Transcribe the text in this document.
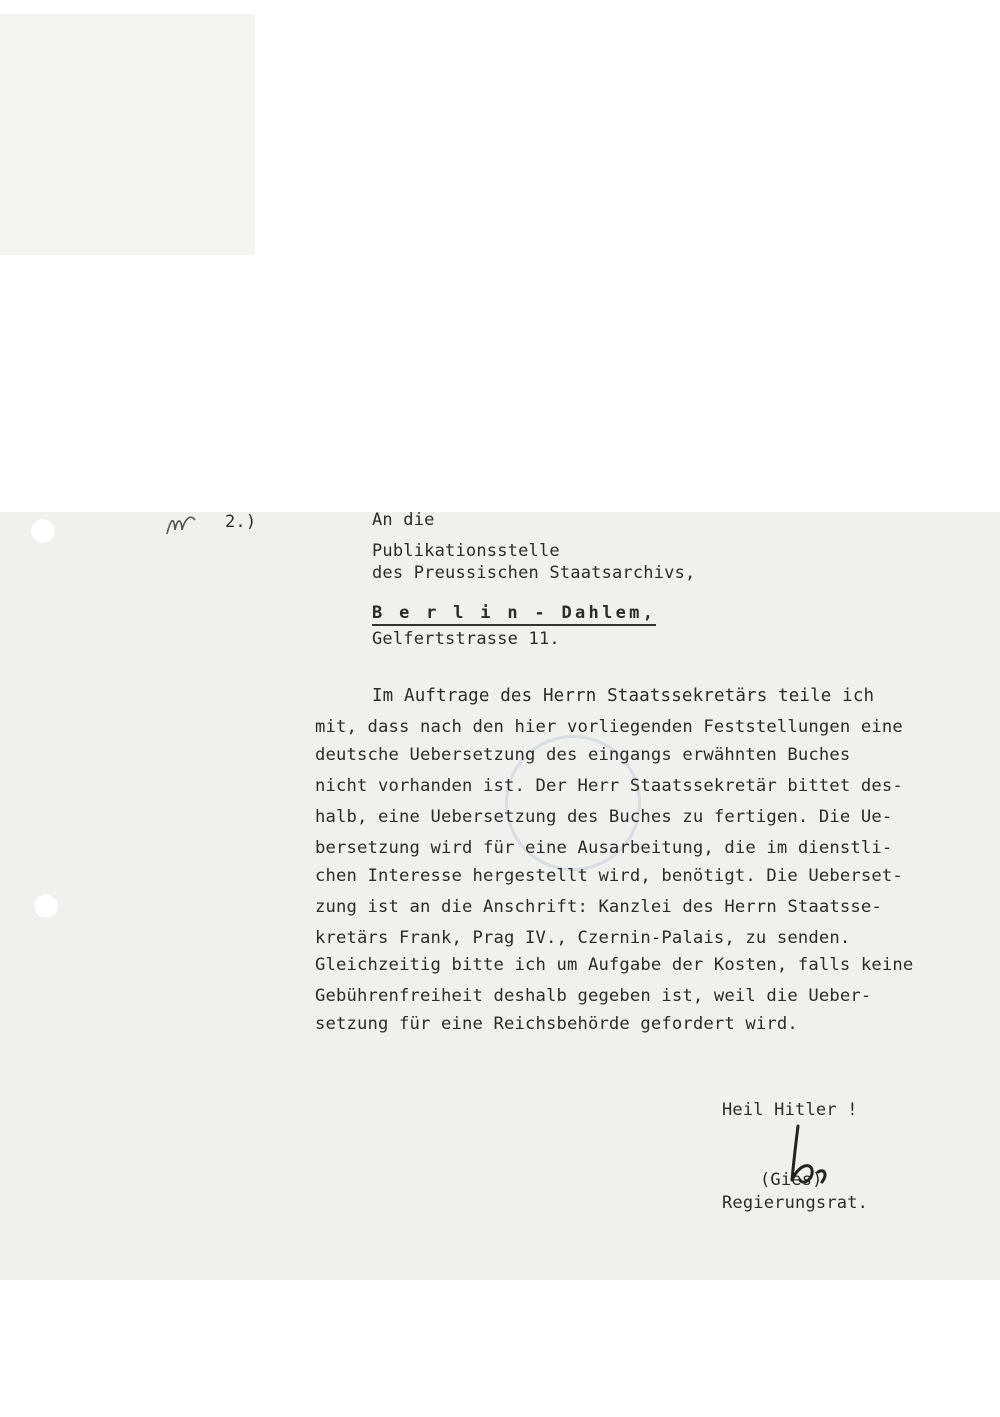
2.)	An die
Publikationsstelle
des Preussischen Staatsarchivs,
B e r l i n - Dahlem,
Gelfertstrasse 11.
Im Auftrage des Herrn Staatssekretärs teile ich
mit, dass nach den hier vorliegenden Feststellungen eine
deutsche Uebersetzung des eingangs erwähnten Buches
nicht vorhanden ist. Der Herr Staatssekretär bittet des-
halb, eine Uebersetzung des Buches zu fertigen. Die Ue-
bersetzung wird für eine Ausarbeitung, die im dienstli-
chen Interesse hergestellt wird, benötigt. Die Ueberset-
zung ist an die Anschrift: Kanzlei des Herrn Staatsse-
kretärs Frank, Prag IV., Czernin-Palais, zu senden.
Gleichzeitig bitte ich um Aufgabe der Kosten, falls keine
Gebührenfreiheit deshalb gegeben ist, weil die Ueber-
setzung für eine Reichsbehörde gefordert wird.
Heil Hitler !
(Gies)
Regierungsrat.
